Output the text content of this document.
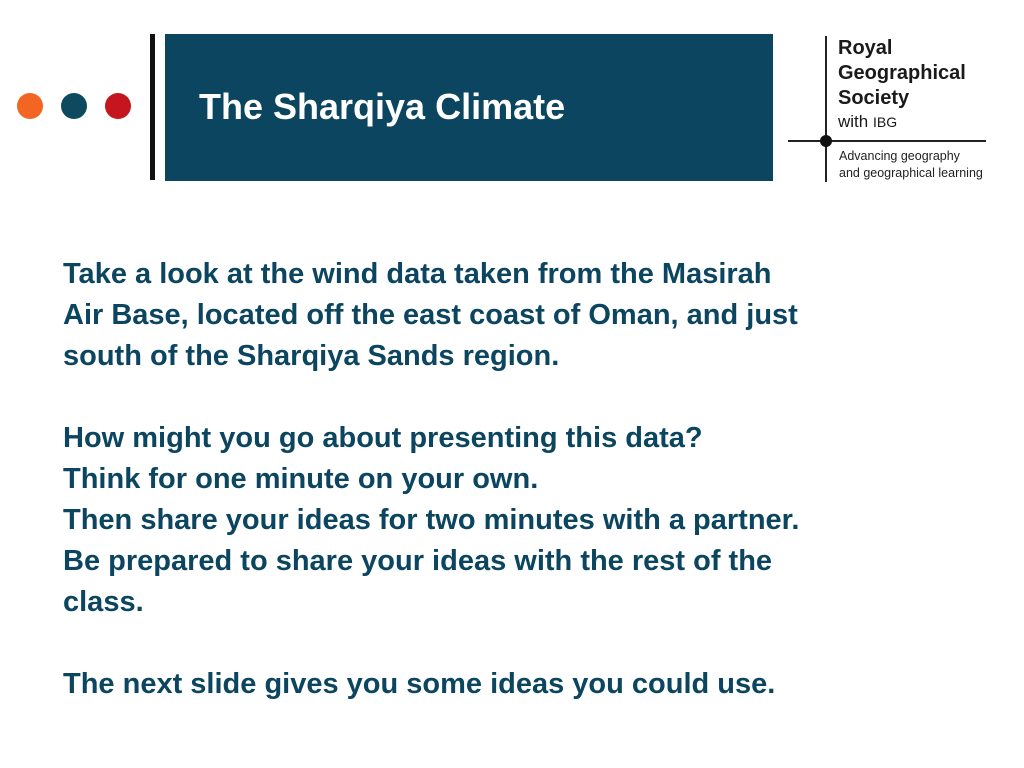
The Sharqiya Climate
Royal
Geographical
Society
with IBG
Advancing geography
and geographical learning

Take a look at the wind data taken from the Masirah
Air Base, located off the east coast of Oman, and just
south of the Sharqiya Sands region.

How might you go about presenting this data?
Think for one minute on your own.
Then share your ideas for two minutes with a partner.
Be prepared to share your ideas with the rest of the
class.

The next slide gives you some ideas you could use.
